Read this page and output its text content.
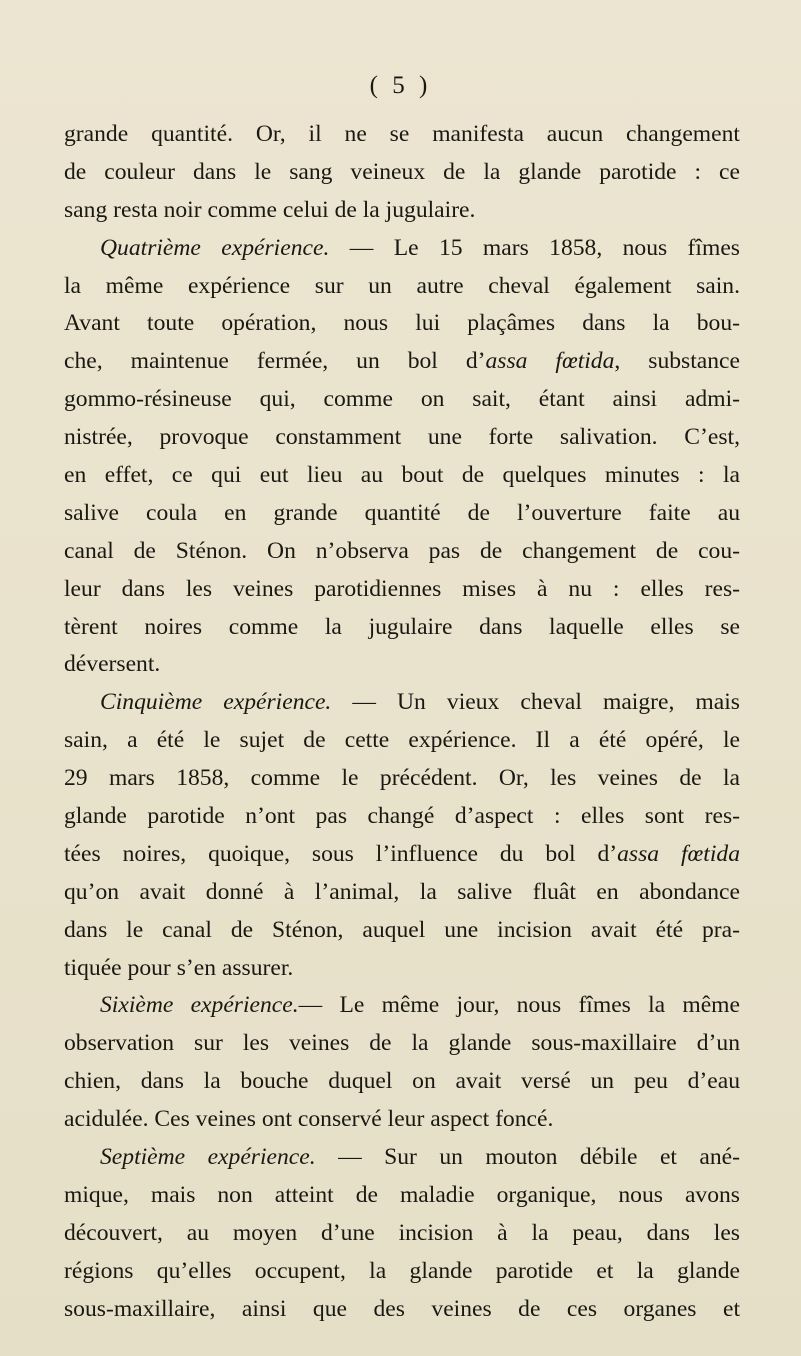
( 5 )
grande quantité. Or, il ne se manifesta aucun changement
de couleur dans le sang veineux de la glande parotide : ce
sang resta noir comme celui de la jugulaire.
Quatrième expérience. — Le 15 mars 1858, nous fîmes
la même expérience sur un autre cheval également sain.
Avant toute opération, nous lui plaçâmes dans la bou-
che, maintenue fermée, un bol d’assa fœtida, substance
gommo-résineuse qui, comme on sait, étant ainsi admi-
nistrée, provoque constamment une forte salivation. C’est,
en effet, ce qui eut lieu au bout de quelques minutes : la
salive coula en grande quantité de l’ouverture faite au
canal de Sténon. On n’observa pas de changement de cou-
leur dans les veines parotidiennes mises à nu : elles res-
tèrent noires comme la jugulaire dans laquelle elles se
déversent.
Cinquième expérience. — Un vieux cheval maigre, mais
sain, a été le sujet de cette expérience. Il a été opéré, le
29 mars 1858, comme le précédent. Or, les veines de la
glande parotide n’ont pas changé d’aspect : elles sont res-
tées noires, quoique, sous l’influence du bol d’assa fœtida
qu’on avait donné à l’animal, la salive fluât en abondance
dans le canal de Sténon, auquel une incision avait été pra-
tiquée pour s’en assurer.
Sixième expérience.— Le même jour, nous fîmes la même
observation sur les veines de la glande sous-maxillaire d’un
chien, dans la bouche duquel on avait versé un peu d’eau
acidulée. Ces veines ont conservé leur aspect foncé.
Septième expérience. — Sur un mouton débile et ané-
mique, mais non atteint de maladie organique, nous avons
découvert, au moyen d’une incision à la peau, dans les
régions qu’elles occupent, la glande parotide et la glande
sous-maxillaire, ainsi que des veines de ces organes et
